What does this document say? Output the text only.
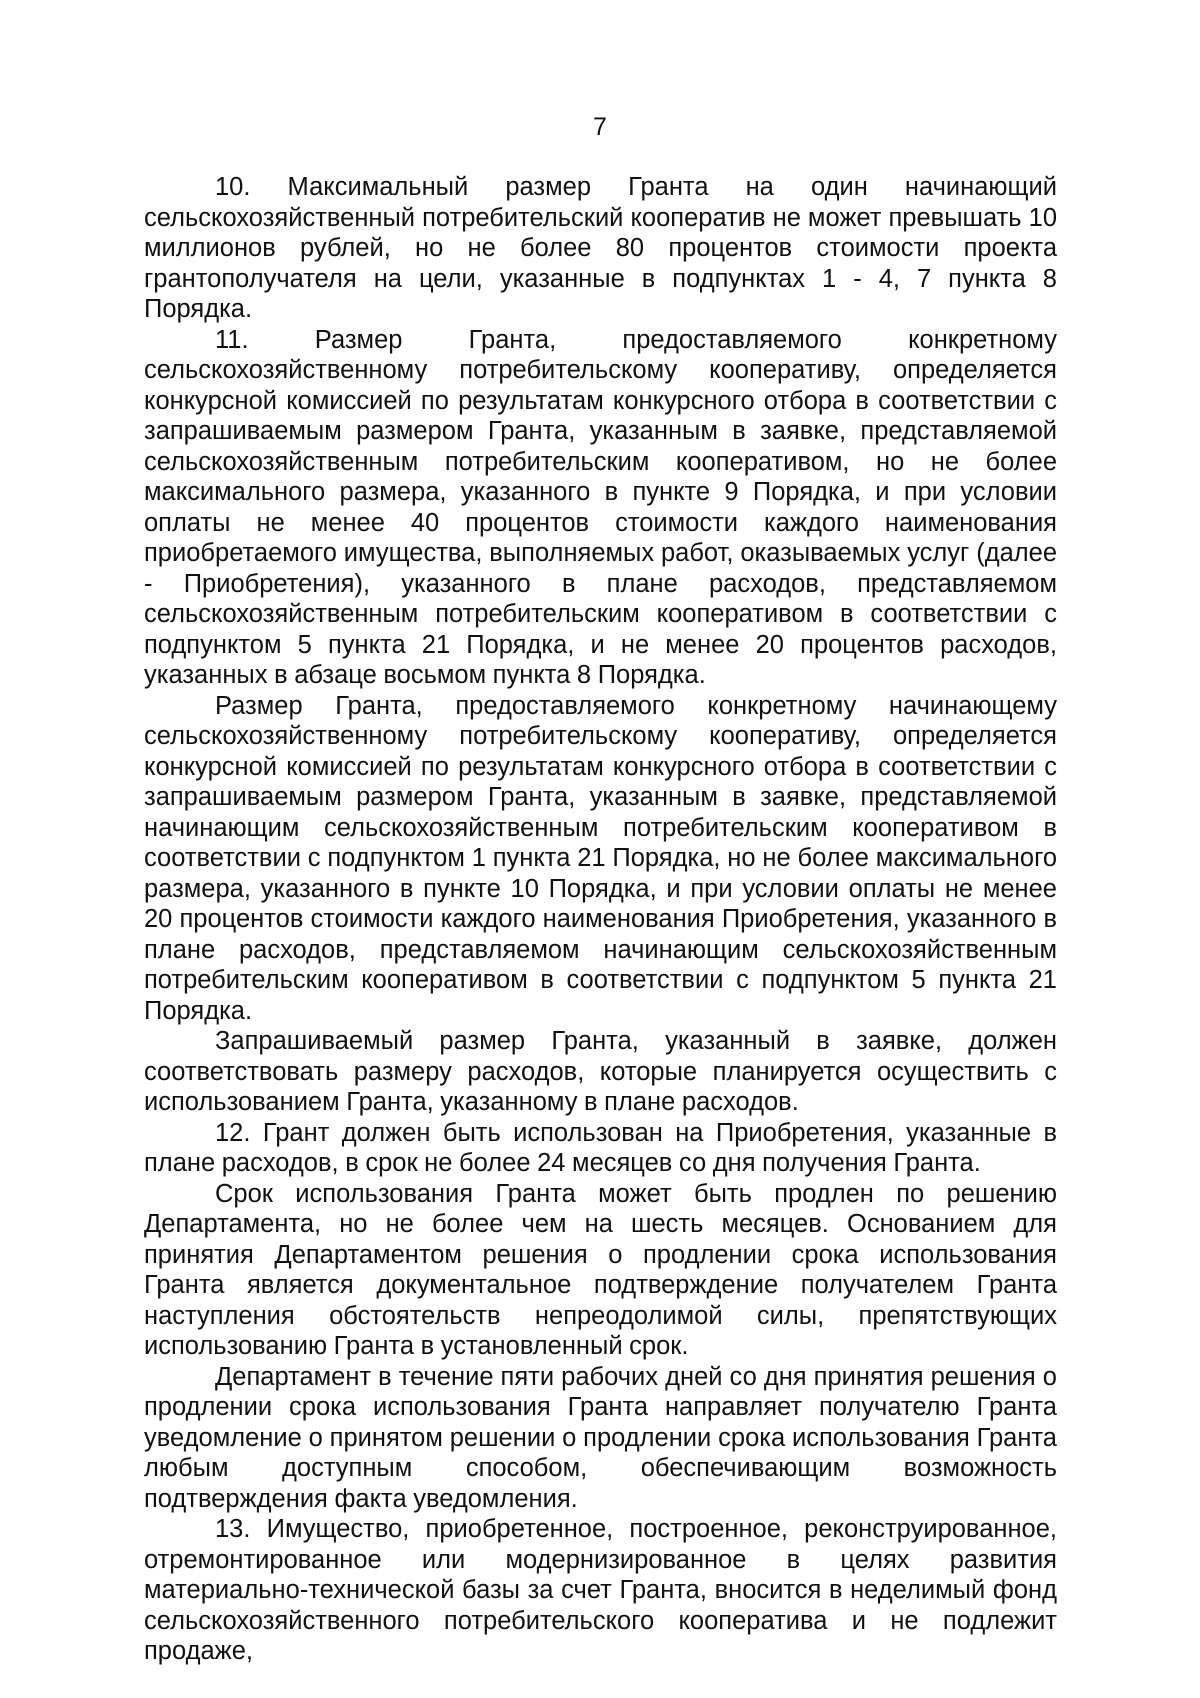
7

10. Максимальный размер Гранта на один начинающий сельскохозяйственный потребительский кооператив не может превышать 10 миллионов рублей, но не более 80 процентов стоимости проекта грантополучателя на цели, указанные в подпунктах 1 - 4, 7 пункта 8 Порядка.

11. Размер Гранта, предоставляемого конкретному сельскохозяйственному потребительскому кооперативу, определяется конкурсной комиссией по результатам конкурсного отбора в соответствии с запрашиваемым размером Гранта, указанным в заявке, представляемой сельскохозяйственным потребительским кооперативом, но не более максимального размера, указанного в пункте 9 Порядка, и при условии оплаты не менее 40 процентов стоимости каждого наименования приобретаемого имущества, выполняемых работ, оказываемых услуг (далее - Приобретения), указанного в плане расходов, представляемом сельскохозяйственным потребительским кооперативом в соответствии с подпунктом 5 пункта 21 Порядка, и не менее 20 процентов расходов, указанных в абзаце восьмом пункта 8 Порядка.

Размер Гранта, предоставляемого конкретному начинающему сельскохозяйственному потребительскому кооперативу, определяется конкурсной комиссией по результатам конкурсного отбора в соответствии с запрашиваемым размером Гранта, указанным в заявке, представляемой начинающим сельскохозяйственным потребительским кооперативом в соответствии с подпунктом 1 пункта 21 Порядка, но не более максимального размера, указанного в пункте 10 Порядка, и при условии оплаты не менее 20 процентов стоимости каждого наименования Приобретения, указанного в плане расходов, представляемом начинающим сельскохозяйственным потребительским кооперативом в соответствии с подпунктом 5 пункта 21 Порядка.

Запрашиваемый размер Гранта, указанный в заявке, должен соответствовать размеру расходов, которые планируется осуществить с использованием Гранта, указанному в плане расходов.

12. Грант должен быть использован на Приобретения, указанные в плане расходов, в срок не более 24 месяцев со дня получения Гранта.

Срок использования Гранта может быть продлен по решению Департамента, но не более чем на шесть месяцев. Основанием для принятия Департаментом решения о продлении срока использования Гранта является документальное подтверждение получателем Гранта наступления обстоятельств непреодолимой силы, препятствующих использованию Гранта в установленный срок.

Департамент в течение пяти рабочих дней со дня принятия решения о продлении срока использования Гранта направляет получателю Гранта уведомление о принятом решении о продлении срока использования Гранта любым доступным способом, обеспечивающим возможность подтверждения факта уведомления.

13. Имущество, приобретенное, построенное, реконструированное, отремонтированное или модернизированное в целях развития материально-технической базы за счет Гранта, вносится в неделимый фонд сельскохозяйственного потребительского кооператива и не подлежит продаже,
